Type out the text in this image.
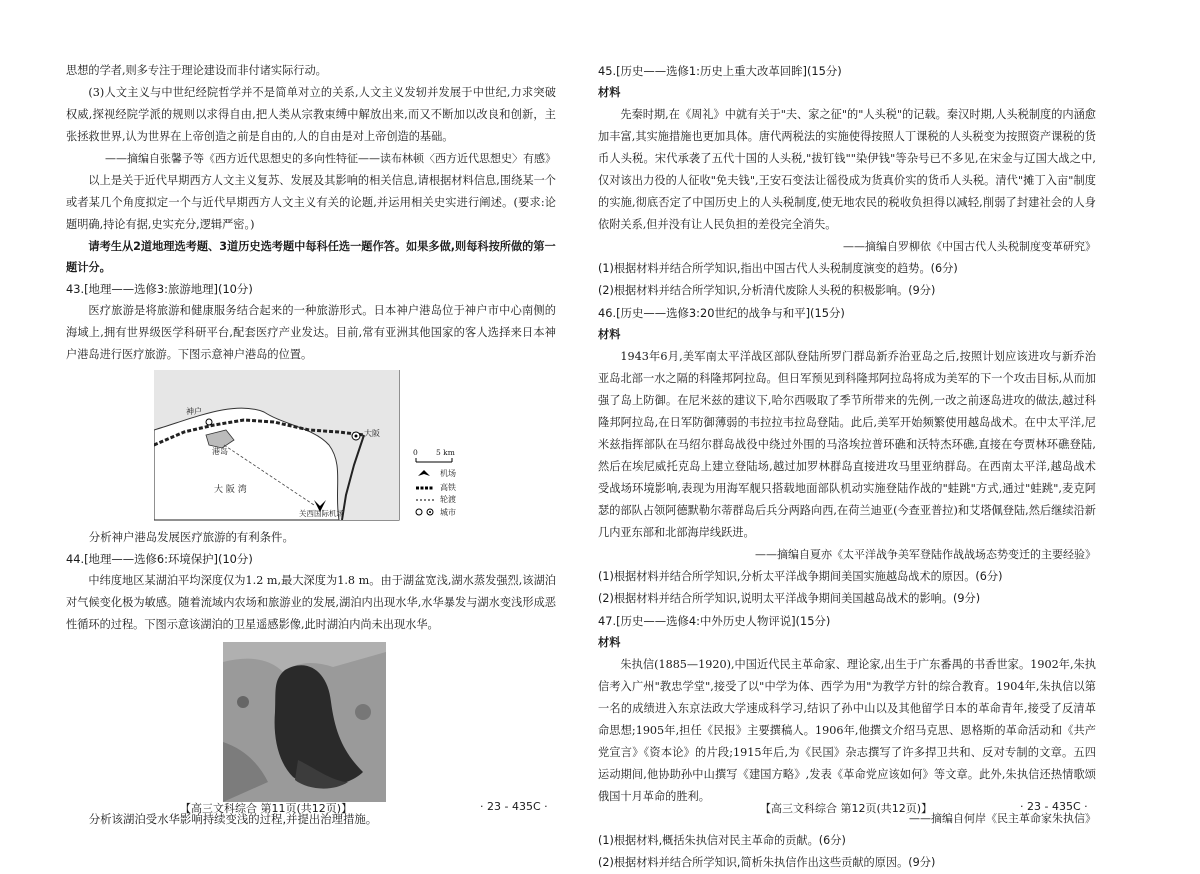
思想的学者,则多专注于理论建设而非付诸实际行动。

(3)人文主义与中世纪经院哲学并不是简单对立的关系,人文主义发轫并发展于中世纪,力求突破权威,探视经院学派的规则以求得自由,把人类从宗教束缚中解放出来,而又不断加以改良和创新，主张拯救世界,认为世界在上帝创造之前是自由的,人的自由是对上帝创造的基础。

——摘编自张馨予等《西方近代思想史的多向性特征——读布林顿〈西方近代思想史〉有感》

以上是关于近代早期西方人文主义复苏、发展及其影响的相关信息,请根据材料信息,围绕某一个或者某几个角度拟定一个与近代早期西方人文主义有关的论题,并运用相关史实进行阐述。(要求:论题明确,持论有据,史实充分,逻辑严密。)

请考生从2道地理选考题、3道历史选考题中每科任选一题作答。如果多做,则每科按所做的第一题计分。

43.[地理——选修3:旅游地理](10分)

医疗旅游是将旅游和健康服务结合起来的一种旅游形式。日本神户港岛位于神户市中心南侧的海域上,拥有世界级医学科研平台,配套医疗产业发达。目前,常有亚洲其他国家的客人选择来日本神户港岛进行医疗旅游。下图示意神户港岛的位置。

神户
大阪
港岛
大 阪 湾
关西国际机场
0 5 km
机场
高铁
轮渡
城市

分析神户港岛发展医疗旅游的有利条件。

44.[地理——选修6:环境保护](10分)

中纬度地区某湖泊平均深度仅为1.2 m,最大深度为1.8 m。由于湖盆宽浅,湖水蒸发强烈,该湖泊对气候变化极为敏感。随着流域内农场和旅游业的发展,湖泊内出现水华,水华暴发与湖水变浅形成恶性循环的过程。下图示意该湖泊的卫星遥感影像,此时湖泊内尚未出现水华。

分析该湖泊受水华影响持续变浅的过程,并提出治理措施。

【高三文科综合 第11页(共12页)】	· 23 - 435C ·

45.[历史——选修1:历史上重大改革回眸](15分)

材料

先秦时期,在《周礼》中就有关于"夫、家之征"的"人头税"的记载。秦汉时期,人头税制度的内涵愈加丰富,其实施措施也更加具体。唐代两税法的实施使得按照人丁课税的人头税变为按照资产课税的货币人头税。宋代承袭了五代十国的人头税,"拔钉钱""染伊钱"等杂号已不多见,在宋金与辽国大战之中,仅对该出力役的人征收"免夫钱",王安石变法让徭役成为货真价实的货币人头税。清代"摊丁入亩"制度的实施,彻底否定了中国历史上的人头税制度,使无地农民的税收负担得以减轻,削弱了封建社会的人身依附关系,但并没有让人民负担的差役完全消失。

——摘编自罗柳依《中国古代人头税制度变革研究》

(1)根据材料并结合所学知识,指出中国古代人头税制度演变的趋势。(6分)

(2)根据材料并结合所学知识,分析清代废除人头税的积极影响。(9分)

46.[历史——选修3:20世纪的战争与和平](15分)

材料

1943年6月,美军南太平洋战区部队登陆所罗门群岛新乔治亚岛之后,按照计划应该进攻与新乔治亚岛北部一水之隔的科隆邦阿拉岛。但日军预见到科隆邦阿拉岛将成为美军的下一个攻击目标,从而加强了岛上防御。在尼米兹的建议下,哈尔西吸取了季节所带来的先例,一改之前逐岛进攻的做法,越过科隆邦阿拉岛,在日军防御薄弱的韦拉拉韦拉岛登陆。此后,美军开始频繁使用越岛战术。在中太平洋,尼米兹指挥部队在马绍尔群岛战役中绕过外围的马洛埃拉普环礁和沃特杰环礁,直接在夸贾林环礁登陆,然后在埃尼威托克岛上建立登陆场,越过加罗林群岛直接进攻马里亚纳群岛。在西南太平洋,越岛战术受战场环境影响,表现为用海军舰只搭载地面部队机动实施登陆作战的"蛙跳"方式,通过"蛙跳",麦克阿瑟的部队占领阿德默勒尔蒂群岛后兵分两路向西,在荷兰迪亚(今查亚普拉)和艾塔佩登陆,然后继续沿新几内亚东部和北部海岸线跃进。

——摘编自夏亦《太平洋战争美军登陆作战战场态势变迁的主要经验》

(1)根据材料并结合所学知识,分析太平洋战争期间美国实施越岛战术的原因。(6分)

(2)根据材料并结合所学知识,说明太平洋战争期间美国越岛战术的影响。(9分)

47.[历史——选修4:中外历史人物评说](15分)

材料

朱执信(1885—1920),中国近代民主革命家、理论家,出生于广东番禺的书香世家。1902年,朱执信考入广州"教忠学堂",接受了以"中学为体、西学为用"为教学方针的综合教育。1904年,朱执信以第一名的成绩进入东京法政大学速成科学习,结识了孙中山以及其他留学日本的革命青年,接受了反清革命思想;1905年,担任《民报》主要撰稿人。1906年,他撰文介绍马克思、恩格斯的革命活动和《共产党宣言》《资本论》的片段;1915年后,为《民国》杂志撰写了许多捍卫共和、反对专制的文章。五四运动期间,他协助孙中山撰写《建国方略》,发表《革命党应该如何》等文章。此外,朱执信还热情歌颂俄国十月革命的胜利。

——摘编自何岸《民主革命家朱执信》

(1)根据材料,概括朱执信对民主革命的贡献。(6分)

(2)根据材料并结合所学知识,简析朱执信作出这些贡献的原因。(9分)

【高三文科综合 第12页(共12页)】	· 23 - 435C ·
